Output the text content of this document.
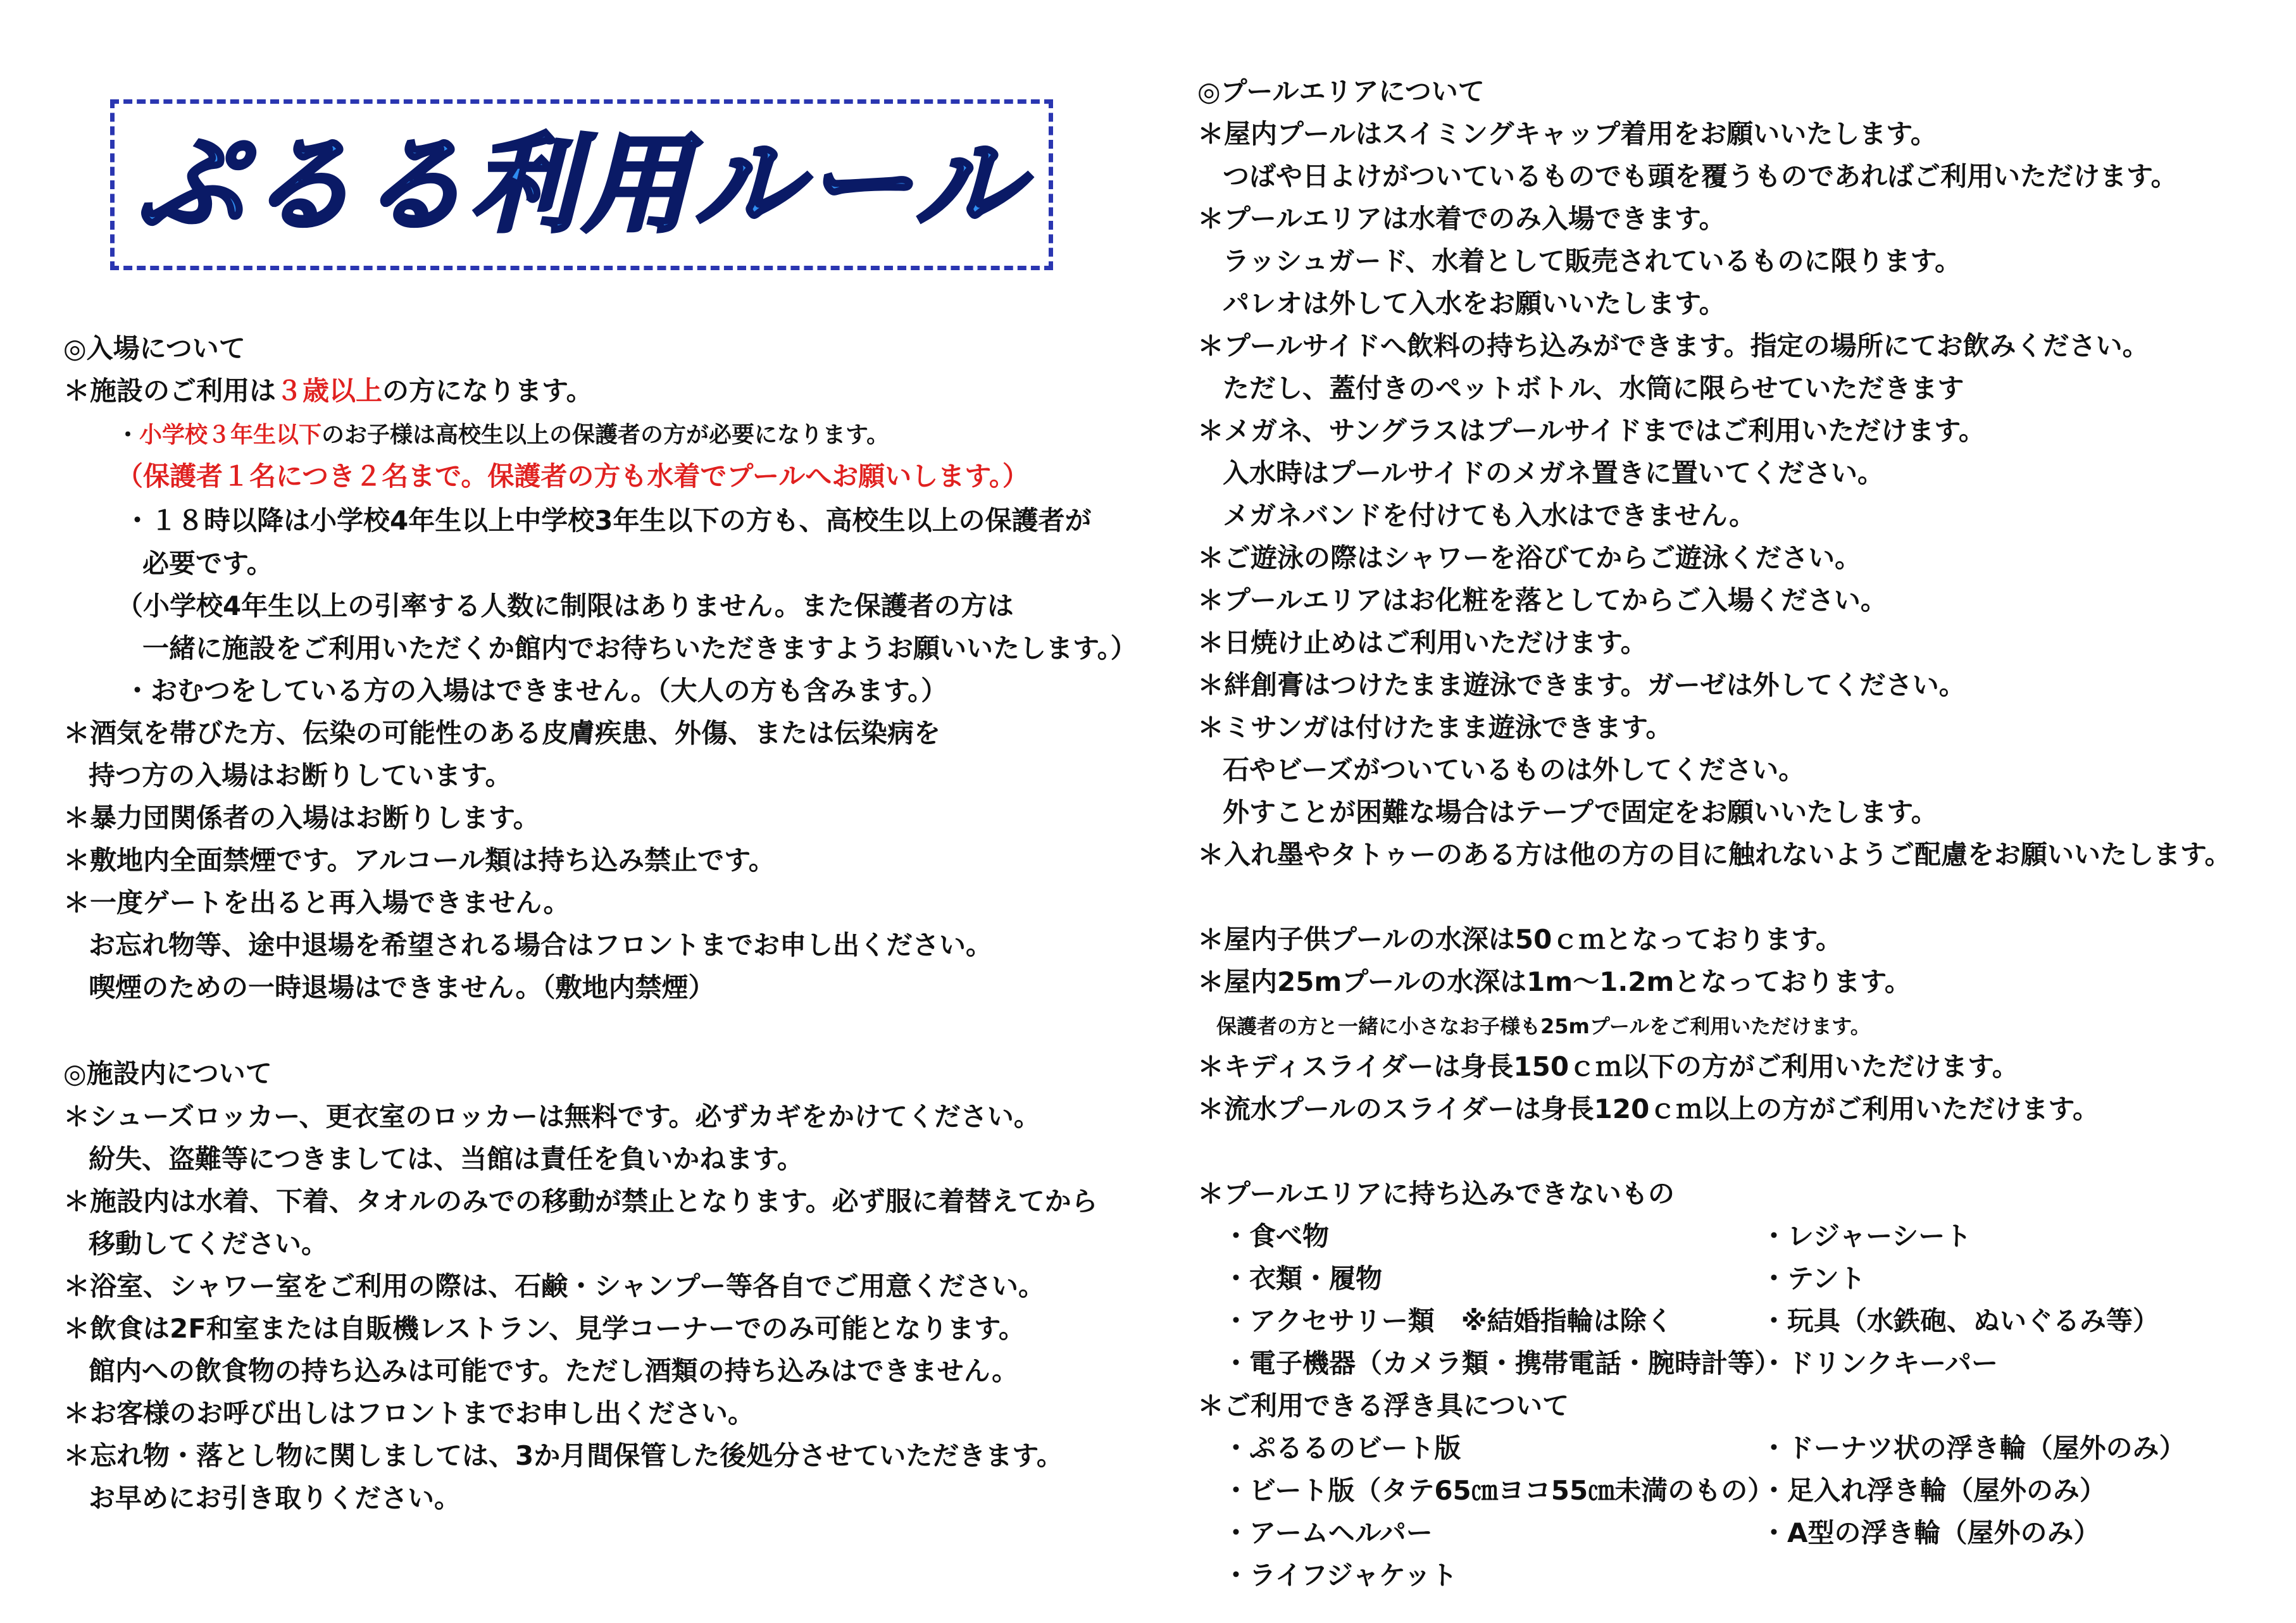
ぷるる利用ルール
◎入場について
＊施設のご利用は３歳以上の方になります。
・小学校３年生以下のお子様は高校生以上の保護者の方が必要になります。
（保護者１名につき２名まで。保護者の方も水着でプールへお願いします。）
・１８時以降は小学校4年生以上中学校3年生以下の方も、高校生以上の保護者が
必要です。
（小学校4年生以上の引率する人数に制限はありません。また保護者の方は
一緒に施設をご利用いただくか館内でお待ちいただきますようお願いいたします。）
・おむつをしている方の入場はできません。（大人の方も含みます。）
＊酒気を帯びた方、伝染の可能性のある皮膚疾患、外傷、または伝染病を
持つ方の入場はお断りしています。
＊暴力団関係者の入場はお断りします。
＊敷地内全面禁煙です。アルコール類は持ち込み禁止です。
＊一度ゲートを出ると再入場できません。
お忘れ物等、途中退場を希望される場合はフロントまでお申し出ください。
喫煙のための一時退場はできません。（敷地内禁煙）
◎施設内について
＊シューズロッカー、更衣室のロッカーは無料です。必ずカギをかけてください。
紛失、盗難等につきましては、当館は責任を負いかねます。
＊施設内は水着、下着、タオルのみでの移動が禁止となります。必ず服に着替えてから
移動してください。
＊浴室、シャワー室をご利用の際は、石鹸・シャンプー等各自でご用意ください。
＊飲食は2F和室または自販機レストラン、見学コーナーでのみ可能となります。
館内への飲食物の持ち込みは可能です。ただし酒類の持ち込みはできません。
＊お客様のお呼び出しはフロントまでお申し出ください。
＊忘れ物・落とし物に関しましては、3か月間保管した後処分させていただきます。
お早めにお引き取りください。
◎プールエリアについて
＊屋内プールはスイミングキャップ着用をお願いいたします。
つばや日よけがついているものでも頭を覆うものであればご利用いただけます。
＊プールエリアは水着でのみ入場できます。
ラッシュガード、水着として販売されているものに限ります。
パレオは外して入水をお願いいたします。
＊プールサイドへ飲料の持ち込みができます。指定の場所にてお飲みください。
ただし、蓋付きのペットボトル、水筒に限らせていただきます
＊メガネ、サングラスはプールサイドまではご利用いただけます。
入水時はプールサイドのメガネ置きに置いてください。
メガネバンドを付けても入水はできません。
＊ご遊泳の際はシャワーを浴びてからご遊泳ください。
＊プールエリアはお化粧を落としてからご入場ください。
＊日焼け止めはご利用いただけます。
＊絆創膏はつけたまま遊泳できます。ガーゼは外してください。
＊ミサンガは付けたまま遊泳できます。
石やビーズがついているものは外してください。
外すことが困難な場合はテープで固定をお願いいたします。
＊入れ墨やタトゥーのある方は他の方の目に触れないようご配慮をお願いいたします。
＊屋内子供プールの水深は50ｃｍとなっております。
＊屋内25mプールの水深は1m～1.2mとなっております。
保護者の方と一緒に小さなお子様も25mプールをご利用いただけます。
＊キディスライダーは身長150ｃｍ以下の方がご利用いただけます。
＊流水プールのスライダーは身長120ｃｍ以上の方がご利用いただけます。
＊プールエリアに持ち込みできないもの
・食べ物
・衣類・履物
・アクセサリー類　※結婚指輪は除く
・電子機器（カメラ類・携帯電話・腕時計等）
・レジャーシート
・テント
・玩具（水鉄砲、ぬいぐるみ等）
・ドリンクキーパー
＊ご利用できる浮き具について
・ぷるるのビート版
・ビート版（タテ65㎝ヨコ55㎝未満のもの）
・アームヘルパー
・ライフジャケット
・ドーナツ状の浮き輪（屋外のみ）
・足入れ浮き輪（屋外のみ）
・A型の浮き輪（屋外のみ）
